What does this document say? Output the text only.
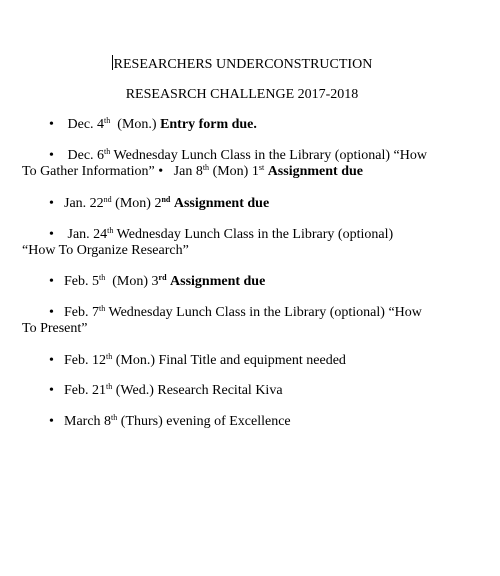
RESEARCHERS UNDERCONSTRUCTION
RESEASRCH CHALLENGE 2017-2018
• Dec. 4th (Mon.) Entry form due.
• Dec. 6th Wednesday Lunch Class in the Library (optional) “How
To Gather Information” • Jan 8th (Mon) 1st Assignment due
• Jan. 22nd (Mon) 2nd Assignment due
• Jan. 24th Wednesday Lunch Class in the Library (optional)
“How To Organize Research”
• Feb. 5th (Mon) 3rd Assignment due
• Feb. 7th Wednesday Lunch Class in the Library (optional) “How
To Present”
• Feb. 12th (Mon.) Final Title and equipment needed
• Feb. 21th (Wed.) Research Recital Kiva
• March 8th (Thurs) evening of Excellence
